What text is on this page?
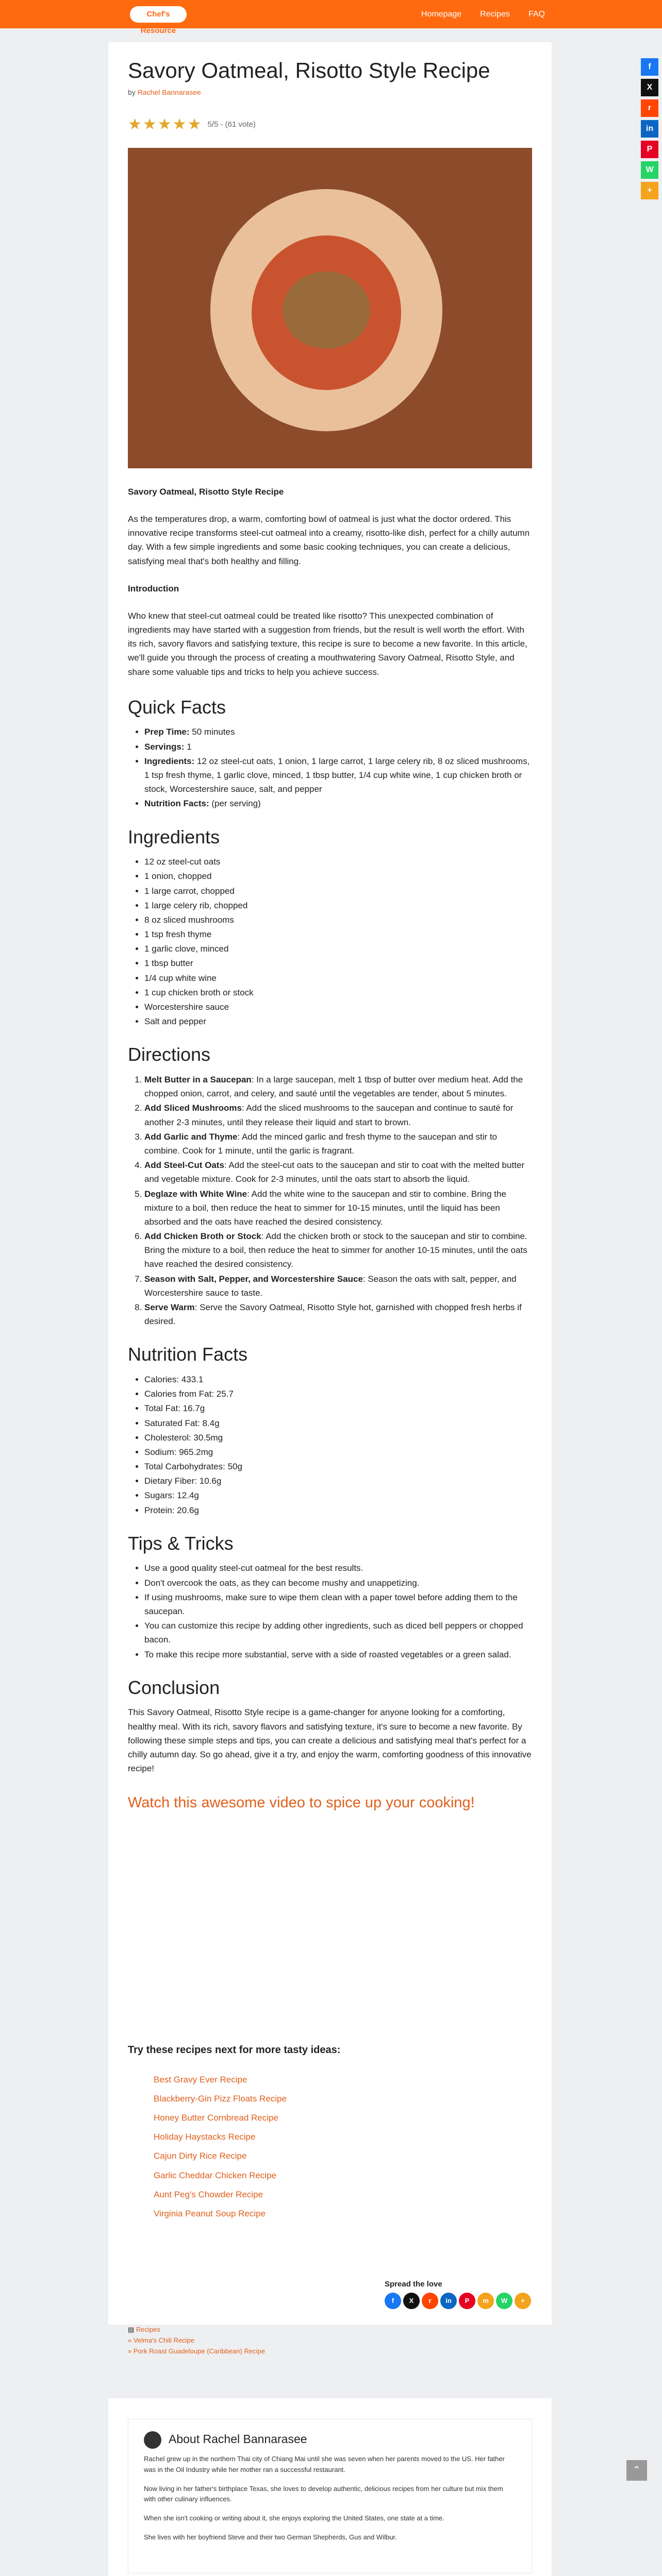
Chef's Resource
Homepage Recipes FAQ
f
X
r
in
P
W
+
Savory Oatmeal, Risotto Style Recipe
by Rachel Bannarasee
★★★★★ 5/5 - (61 vote)

Savory Oatmeal, Risotto Style Recipe

As the temperatures drop, a warm, comforting bowl of oatmeal is just what the doctor ordered. This innovative recipe transforms steel-cut oatmeal into a creamy, risotto-like dish, perfect for a chilly autumn day. With a few simple ingredients and some basic cooking techniques, you can create a delicious, satisfying meal that's both healthy and filling.

Introduction

Who knew that steel-cut oatmeal could be treated like risotto? This unexpected combination of ingredients may have started with a suggestion from friends, but the result is well worth the effort. With its rich, savory flavors and satisfying texture, this recipe is sure to become a new favorite. In this article, we'll guide you through the process of creating a mouthwatering Savory Oatmeal, Risotto Style, and share some valuable tips and tricks to help you achieve success.

Quick Facts
• Prep Time: 50 minutes
• Servings: 1
• Ingredients: 12 oz steel-cut oats, 1 onion, 1 large carrot, 1 large celery rib, 8 oz sliced mushrooms, 1 tsp fresh thyme, 1 garlic clove, minced, 1 tbsp butter, 1/4 cup white wine, 1 cup chicken broth or stock, Worcestershire sauce, salt, and pepper
• Nutrition Facts: (per serving)
Ingredients
• 12 oz steel-cut oats
• 1 onion, chopped
• 1 large carrot, chopped
• 1 large celery rib, chopped
• 8 oz sliced mushrooms
• 1 tsp fresh thyme
• 1 garlic clove, minced
• 1 tbsp butter
• 1/4 cup white wine
• 1 cup chicken broth or stock
• Worcestershire sauce
• Salt and pepper
Directions
1. Melt Butter in a Saucepan: In a large saucepan, melt 1 tbsp of butter over medium heat. Add the chopped onion, carrot, and celery, and sauté until the vegetables are tender, about 5 minutes.
2. Add Sliced Mushrooms: Add the sliced mushrooms to the saucepan and continue to sauté for another 2-3 minutes, until they release their liquid and start to brown.
3. Add Garlic and Thyme: Add the minced garlic and fresh thyme to the saucepan and stir to combine. Cook for 1 minute, until the garlic is fragrant.
4. Add Steel-Cut Oats: Add the steel-cut oats to the saucepan and stir to coat with the melted butter and vegetable mixture. Cook for 2-3 minutes, until the oats start to absorb the liquid.
5. Deglaze with White Wine: Add the white wine to the saucepan and stir to combine. Bring the mixture to a boil, then reduce the heat to simmer for 10-15 minutes, until the liquid has been absorbed and the oats have reached the desired consistency.
6. Add Chicken Broth or Stock: Add the chicken broth or stock to the saucepan and stir to combine. Bring the mixture to a boil, then reduce the heat to simmer for another 10-15 minutes, until the oats have reached the desired consistency.
7. Season with Salt, Pepper, and Worcestershire Sauce: Season the oats with salt, pepper, and Worcestershire sauce to taste.
8. Serve Warm: Serve the Savory Oatmeal, Risotto Style hot, garnished with chopped fresh herbs if desired.
Nutrition Facts
• Calories: 433.1
• Calories from Fat: 25.7
• Total Fat: 16.7g
• Saturated Fat: 8.4g
• Cholesterol: 30.5mg
• Sodium: 965.2mg
• Total Carbohydrates: 50g
• Dietary Fiber: 10.6g
• Sugars: 12.4g
• Protein: 20.6g
Tips & Tricks
• Use a good quality steel-cut oatmeal for the best results.
• Don't overcook the oats, as they can become mushy and unappetizing.
• If using mushrooms, make sure to wipe them clean with a paper towel before adding them to the saucepan.
• You can customize this recipe by adding other ingredients, such as diced bell peppers or chopped bacon.
• To make this recipe more substantial, serve with a side of roasted vegetables or a green salad.
Conclusion

This Savory Oatmeal, Risotto Style recipe is a game-changer for anyone looking for a comforting, healthy meal. With its rich, savory flavors and satisfying texture, it's sure to become a new favorite. By following these simple steps and tips, you can create a delicious and satisfying meal that's perfect for a chilly autumn day. So go ahead, give it a try, and enjoy the warm, comforting goodness of this innovative recipe!

Watch this awesome video to spice up your cooking!
Try these recipes next for more tasty ideas:
Best Gravy Ever Recipe
Blackberry-Gin Pizz Floats Recipe
Honey Butter Cornbread Recipe
Holiday Haystacks Recipe
Cajun Dirty Rice Recipe
Garlic Cheddar Chicken Recipe
Aunt Peg's Chowder Recipe
Virginia Peanut Soup Recipe
Spread the love
f	X	r	in	P	m	W	+
▤ Recipes
« Velma's Chili Recipe
» Pork Roast Guadeloupe (Caribbean) Recipe
About Rachel Bannarasee

Rachel grew up in the northern Thai city of Chiang Mai until she was seven when her parents moved to the US. Her father was in the Oil Industry while her mother ran a successful restaurant.

Now living in her father's birthplace Texas, she loves to develop authentic, delicious recipes from her culture but mix them with other culinary influences.

When she isn't cooking or writing about it, she enjoys exploring the United States, one state at a time.

She lives with her boyfriend Steve and their two German Shepherds, Gus and Wilbur.

⌃
